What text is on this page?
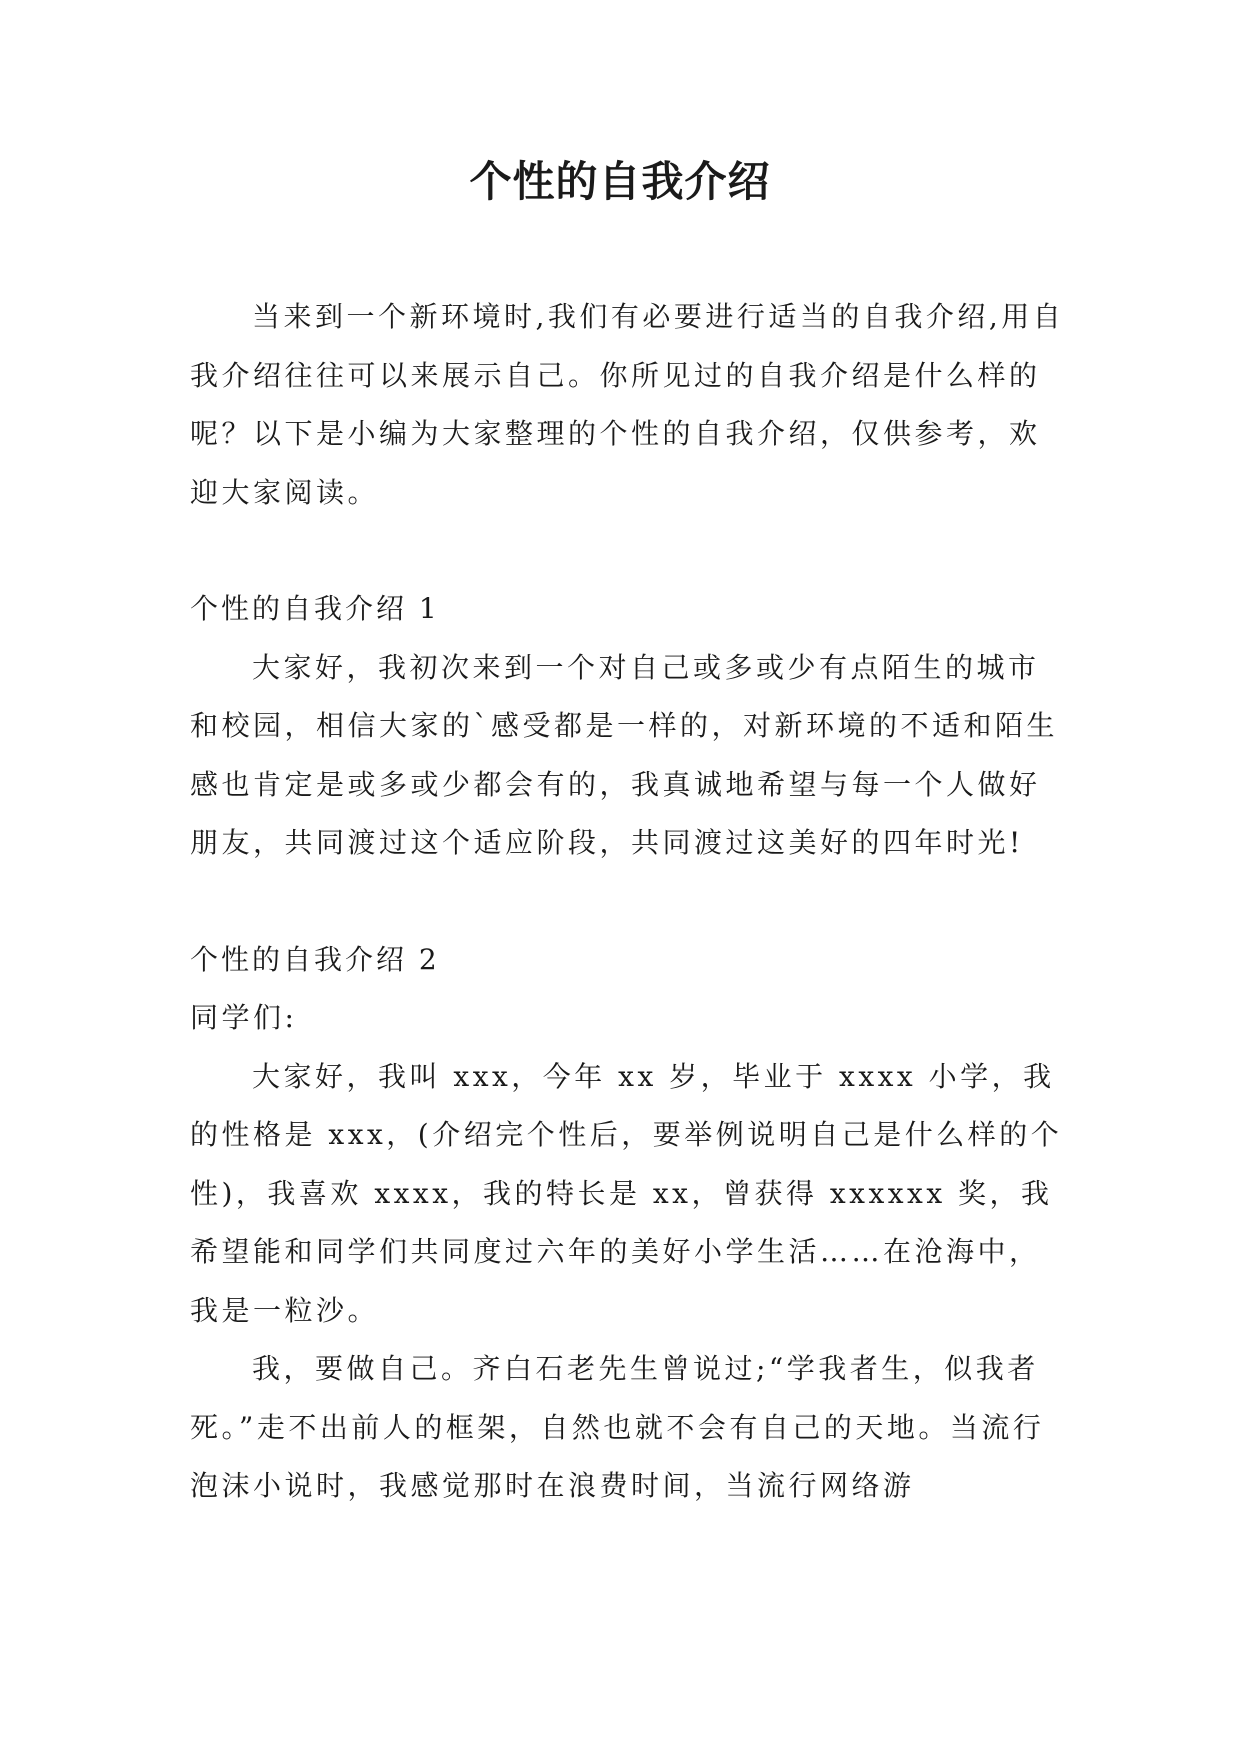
个性的自我介绍

当来到一个新环境时,我们有必要进行适当的自我介绍,用自我介绍往往可以来展示自己。你所见过的自我介绍是什么样的呢？以下是小编为大家整理的个性的自我介绍，仅供参考，欢迎大家阅读。

个性的自我介绍 1

大家好，我初次来到一个对自己或多或少有点陌生的城市和校园，相信大家的`感受都是一样的，对新环境的不适和陌生感也肯定是或多或少都会有的，我真诚地希望与每一个人做好朋友，共同渡过这个适应阶段，共同渡过这美好的四年时光!

个性的自我介绍 2

同学们:

大家好，我叫 xxx，今年 xx 岁，毕业于 xxxx 小学，我的性格是 xxx，(介绍完个性后，要举例说明自己是什么样的个性)，我喜欢 xxxx，我的特长是 xx，曾获得 xxxxxx 奖，我希望能和同学们共同度过六年的美好小学生活……在沧海中，我是一粒沙。

我，要做自己。齐白石老先生曾说过;“学我者生，似我者死。”走不出前人的框架，自然也就不会有自己的天地。当流行泡沫小说时，我感觉那时在浪费时间，当流行网络游
